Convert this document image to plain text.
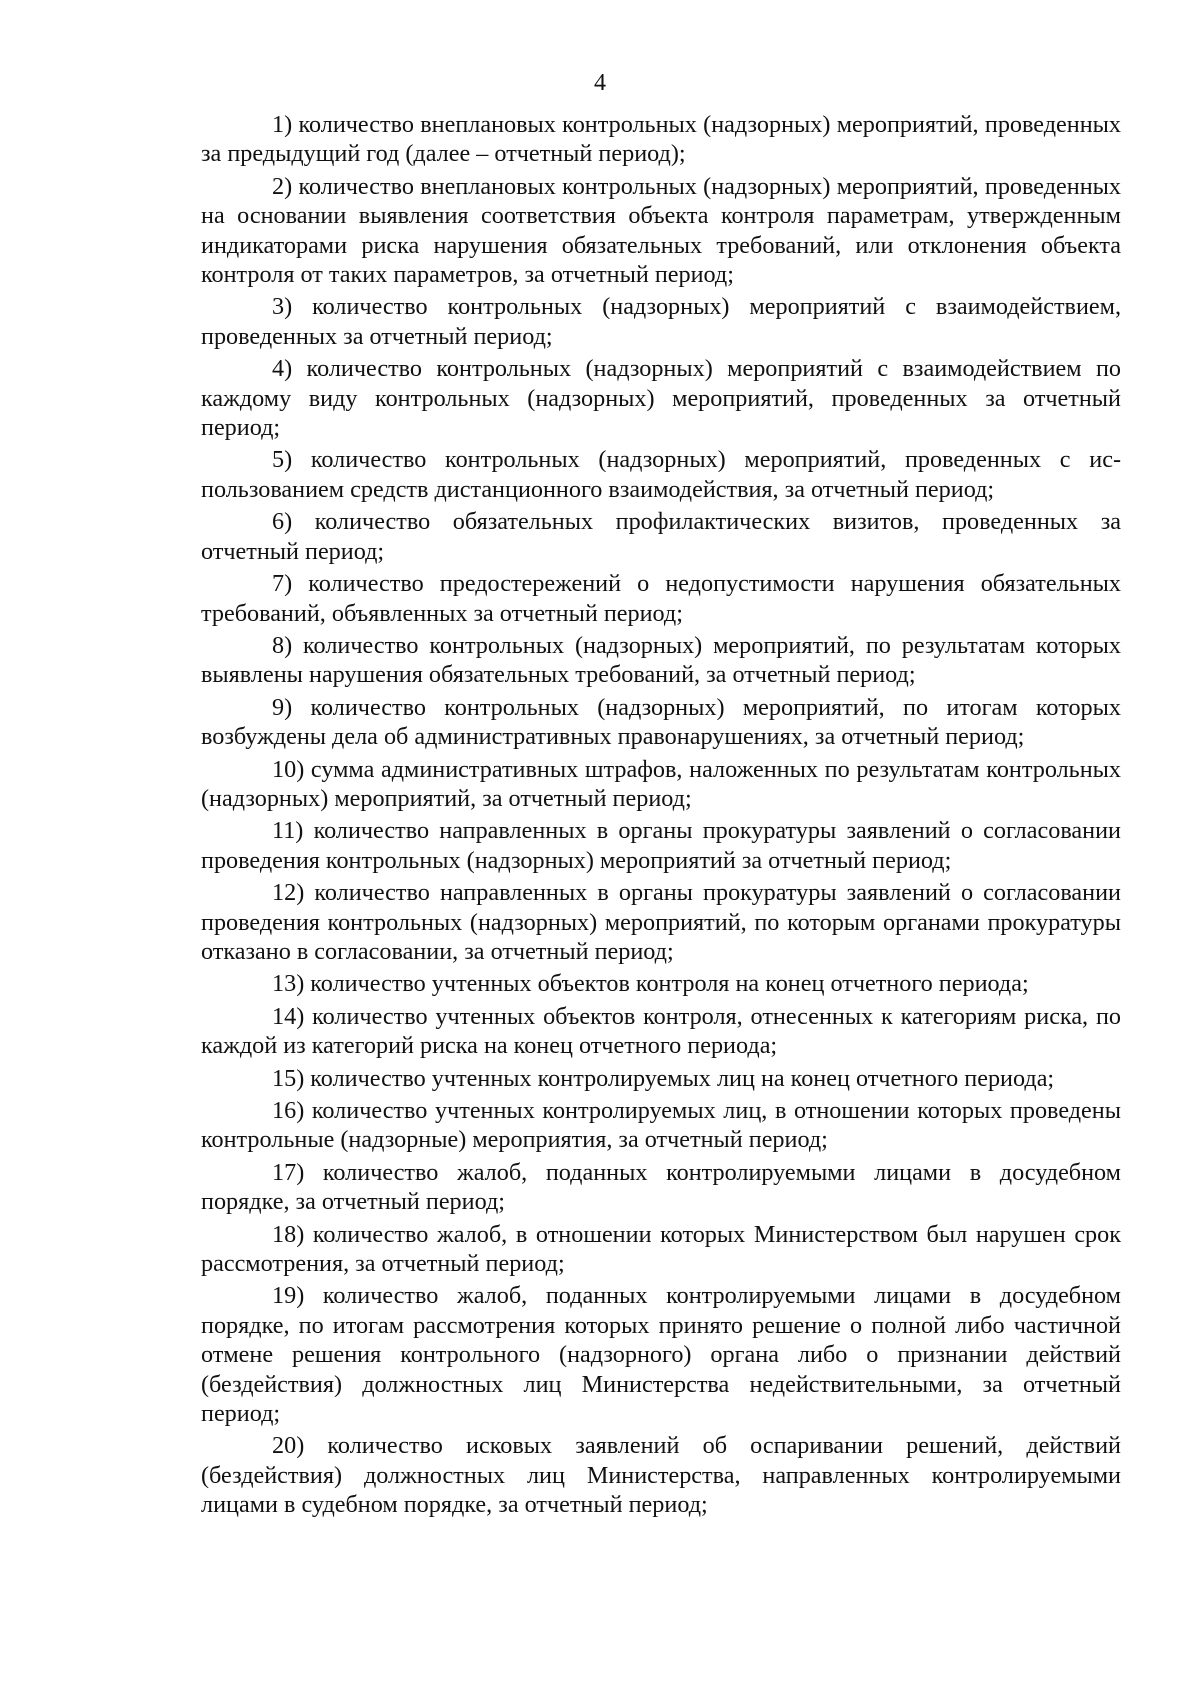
4

1) количество внеплановых контрольных (надзорных) мероприятий, проведенных за предыдущий год (далее – отчетный период);

2) количество внеплановых контрольных (надзорных) мероприятий, проведенных на основании выявления соответствия объекта контроля параметрам, утвержденным индикаторами риска нарушения обязательных требований, или отклонения объекта контроля от таких параметров, за отчетный период;

3) количество контрольных (надзорных) мероприятий с взаимодействием, проведенных за отчетный период;

4) количество контрольных (надзорных) мероприятий с взаимодействием по каждому виду контрольных (надзорных) мероприятий, проведенных за отчетный период;

5) количество контрольных (надзорных) мероприятий, проведенных с использованием средств дистанционного взаимодействия, за отчетный период;

6) количество обязательных профилактических визитов, проведенных за отчетный период;

7) количество предостережений о недопустимости нарушения обязательных требований, объявленных за отчетный период;

8) количество контрольных (надзорных) мероприятий, по результатам которых выявлены нарушения обязательных требований, за отчетный период;

9) количество контрольных (надзорных) мероприятий, по итогам которых возбуждены дела об административных правонарушениях, за отчетный период;

10) сумма административных штрафов, наложенных по результатам контрольных (надзорных) мероприятий, за отчетный период;

11) количество направленных в органы прокуратуры заявлений о согласовании проведения контрольных (надзорных) мероприятий за отчетный период;

12) количество направленных в органы прокуратуры заявлений о согласовании проведения контрольных (надзорных) мероприятий, по которым органами прокуратуры отказано в согласовании, за отчетный период;

13) количество учтенных объектов контроля на конец отчетного периода;

14) количество учтенных объектов контроля, отнесенных к категориям риска, по каждой из категорий риска на конец отчетного периода;

15) количество учтенных контролируемых лиц на конец отчетного периода;

16) количество учтенных контролируемых лиц, в отношении которых проведены контрольные (надзорные) мероприятия, за отчетный период;

17) количество жалоб, поданных контролируемыми лицами в досудебном порядке, за отчетный период;

18) количество жалоб, в отношении которых Министерством был нарушен срок рассмотрения, за отчетный период;

19) количество жалоб, поданных контролируемыми лицами в досудебном порядке, по итогам рассмотрения которых принято решение о полной либо частичной отмене решения контрольного (надзорного) органа либо о признании действий (бездействия) должностных лиц Министерства недействительными, за отчетный период;

20) количество исковых заявлений об оспаривании решений, действий (бездействия) должностных лиц Министерства, направленных контролируемыми лицами в судебном порядке, за отчетный период;
